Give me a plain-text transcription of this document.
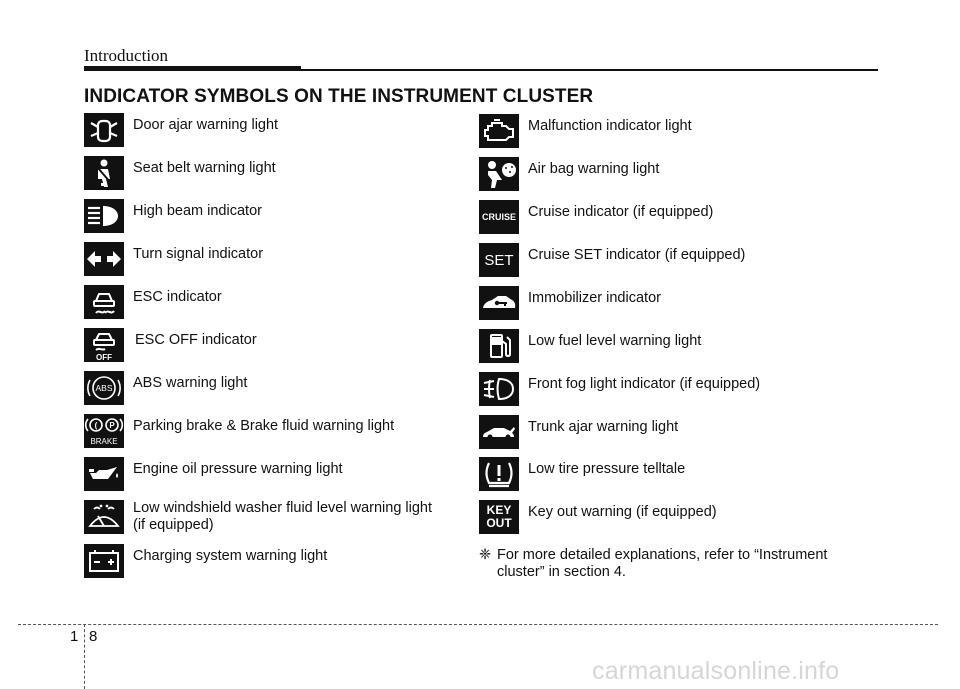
Introduction
INDICATOR SYMBOLS ON THE INSTRUMENT CLUSTER
Door ajar warning light
Seat belt warning light
High beam indicator
Turn signal indicator
ESC indicator
OFF
ESC OFF indicator
ABS	ABS warning light
( P
BRAKE
Parking brake & Brake fluid warning light
Engine oil pressure warning light
Low windshield washer fluid level warning light
(if equipped)
Charging system warning light
Malfunction indicator light
Air bag warning light
CRUISE Cruise indicator (if equipped)
SET Cruise SET indicator (if equipped)
Immobilizer indicator
Low fuel level warning light
Front fog light indicator (if equipped)
Trunk ajar warning light
Low tire pressure telltale
KEY
OUT
Key out warning (if equipped)
❈ For more detailed explanations, refer to “Instrument
cluster” in section 4.
1 8
carmanualsonline.info
